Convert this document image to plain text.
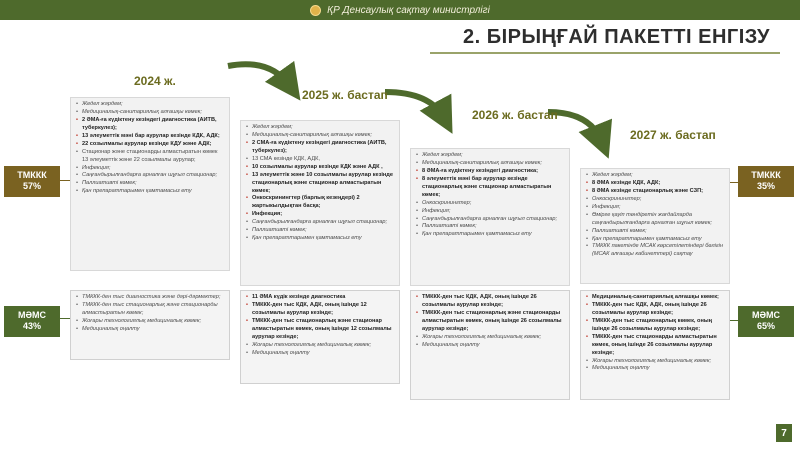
ҚР Денсаулық сақтау министрлігі
2. БІРЫҢҒАЙ ПАКЕТТІ ЕНГІЗУ
2024 ж.
2025 ж. бастап
2026 ж. бастап
2027 ж. бастап
ТМККК
57%
МӘМС
43%
ТМККК
35%
МӘМС
65%
• Жедел жәрдем;
• Медициналық-санитариялық алғашқы көмек;
• 2 ӘМА-ға күдіктену кезіндегі диагностика (АИТВ, туберкулез);
• 13 әлеуметтік мәні бар аурулар кезінде КДК, АДК;
• 22 созылмалы аурулар кезінде КДУ және АДК;
• Стационар және стационарды алмастыратын көмек 13 әлеуметтік және 22 созылмалы аурулар;
• Инфекция;
• Саңғандырылғандарға арналған шұғыл стационар;
• Паллиативті көмек;
• Қан препараттарымен қамтамасыз ету
• ТМККК-ден тыс диагностика және дәрі-дәрмектер;
• ТМККК-ден тыс стационарлық және стационарды алмастыратын көмек;
• Жоғары технологиялық медициналық көмек;
• Медициналық оңалту
• Жедел жәрдем;
• Медициналық-санитариялық алғашқы көмек;
• 2 СМА-ға күдіктену кезіндегі диагностика (АИТВ, туберкулез);
• 13 СМА кезінде КДК, АДК,
• 10 созылмалы аурулар кезінде КДК және АДК ,
• 13 әлеуметтік және 10 созылмалы аурулар кезінде стационарлық және стационар алмастыратын көмек;
• Онкоскринингтер (барлық кезеңдері) 2 жартыкылдықтан басқа;
• Инфекция;
• Саңғандырылғандарға арналған шұғыл стационар;
• Паллиативті көмек;
• Қан препараттарымен қамтамасыз ету
• 11 ӘМА күдік кезінде диагностика
• ТМККК-ден тыс КДК, АДК, оның ішінде 12 созылмалы аурулар кезінде;
• ТМККК-ден тыс стационарлық және стационар алмастыратын көмек, оның ішінде 12 созылмалы аурулар кезінде;
• Жоғары технологиялық медициналық көмек;
• Медициналық оңалту
• Жедел жәрдем;
• Медициналық-санитариялық алғашқы көмек;
• 8 ӘМА-ға күдіктену кезіндегі диагностика;
• 8 әлеуметтік мәні бар аурулар кезінде стационарлық және стационар алмастыратын көмек;
• Онкоскринингтер;
• Инфекция;
• Саңғандырылғандарға арналған шұғыл стационар;
• Паллиативті көмек;
• Қан препараттарымен қамтамасыз ету
• ТМККК-ден тыс КДК, АДК, оның ішінде 26 созылмалы аурулар кезінде;
• ТМККК-ден тыс стационарлық және стационарды алмастыратын көмек, оның ішінде 26 созылмалы аурулар кезінде;
• Жоғары технологиялық медициналық көмек;
• Медициналық оңалту
• Жедел жәрдем;
• 8 ӘМА кезінде КДК, АДК;
• 8 ӘМА кезінде стационарлық және СЗП;
• Онкоскринингтер;
• Инфекция;
• Өмірге қауіп төндіретін жағдайларда саңғандырылғандарға арналған шұғыл көмек;
• Паллиативті көмек;
• Қан препараттарымен қамтамасыз ету
• ТМККК пакетінде МСАК көрсетілетіндері бөлігін (МСАК алғашқы кабинеттері) сақтау
• Медициналық-санитариялық алғашқы көмек;
• ТМККК-ден тыс КДК, АДК, оның ішінде 26 созылмалы аурулар кезінде;
• ТМККК-ден тыс стационарлық көмек, оның ішінде 26 созылмалы аурулар кезінде;
• ТМККК-ден тыс стационарды алмастыратын көмек, оның ішінде 26 созылмалы аурулар кезінде;
• Жоғары технологиялық медициналық көмек;
• Медициналық оңалту
7
